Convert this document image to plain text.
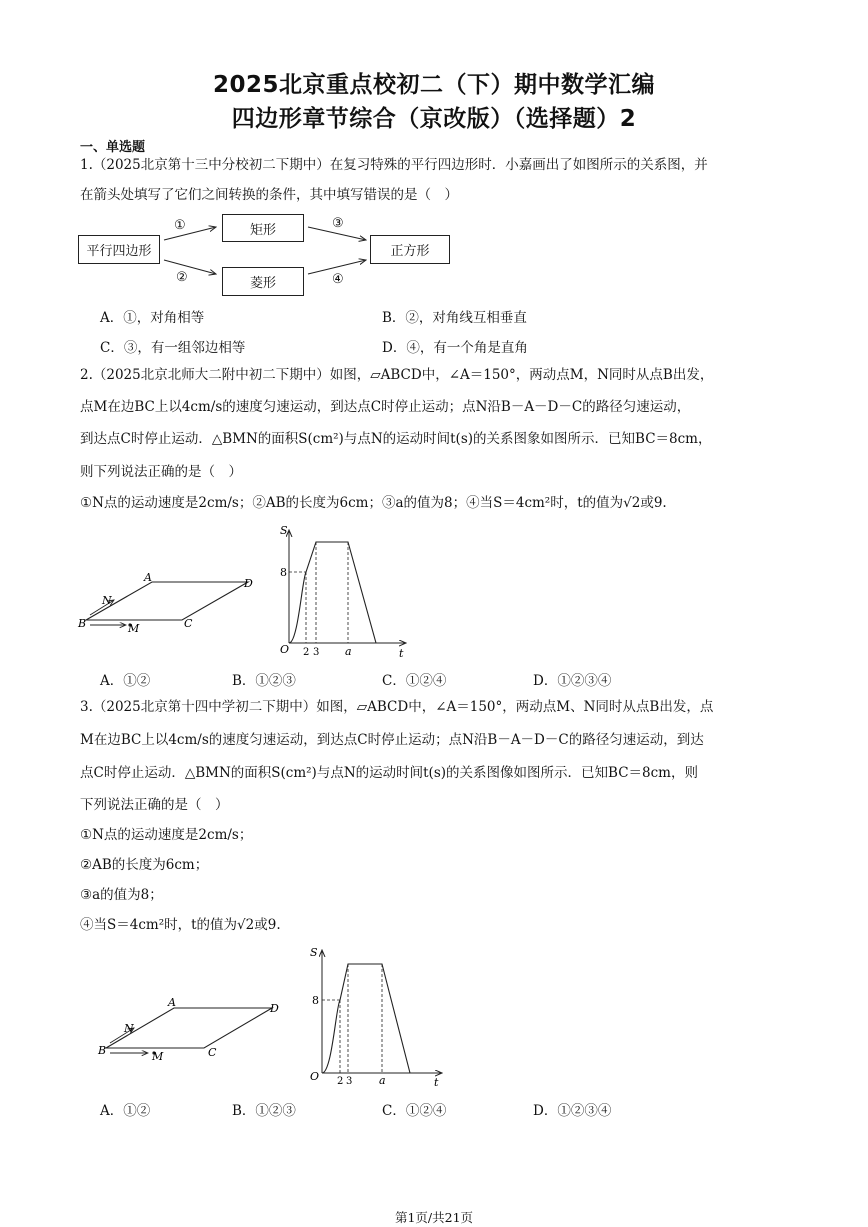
2025北京重点校初二（下）期中数学汇编
四边形章节综合（京改版）（选择题）2
一、单选题
1.（2025北京第十三中分校初二下期中）在复习特殊的平行四边形时．小嘉画出了如图所示的关系图，并
在箭头处填写了它们之间转换的条件，其中填写错误的是（　）
平行四边形
矩形
菱形
正方形
①
②
③
④
A．①，对角相等	B．②，对角线互相垂直
C．③，有一组邻边相等	D．④，有一个角是直角
2.（2025北京北师大二附中初二下期中）如图，▱ABCD中，∠A＝150°，两动点M，N同时从点B出发，
点M在边BC上以4cm/s的速度匀速运动，到达点C时停止运动；点N沿B－A－D－C的路径匀速运动，
到达点C时停止运动．△BMN的面积S(cm²)与点N的运动时间t(s)的关系图象如图所示．已知BC＝8cm，
则下列说法正确的是（　）
①N点的运动速度是2cm/s；②AB的长度为6cm；③a的值为8；④当S＝4cm²时，t的值为√2或9.
A
B	C
D
M
N
S
8
O 2 3 a	t
A．①②	B．①②③	C．①②④	D．①②③④
3.（2025北京第十四中学初二下期中）如图，▱ABCD中，∠A＝150°，两动点M、N同时从点B出发，点
M在边BC上以4cm/s的速度匀速运动，到达点C时停止运动；点N沿B－A－D－C的路径匀速运动，到达
点C时停止运动．△BMN的面积S(cm²)与点N的运动时间t(s)的关系图像如图所示．已知BC＝8cm，则
下列说法正确的是（　）
①N点的运动速度是2cm/s；
②AB的长度为6cm；
③a的值为8；
④当S＝4cm²时，t的值为√2或9.
A
B	C
D
M
N
S
8
O 2 3 a	t
A．①②	B．①②③	C．①②④	D．①②③④
第1页/共21页
